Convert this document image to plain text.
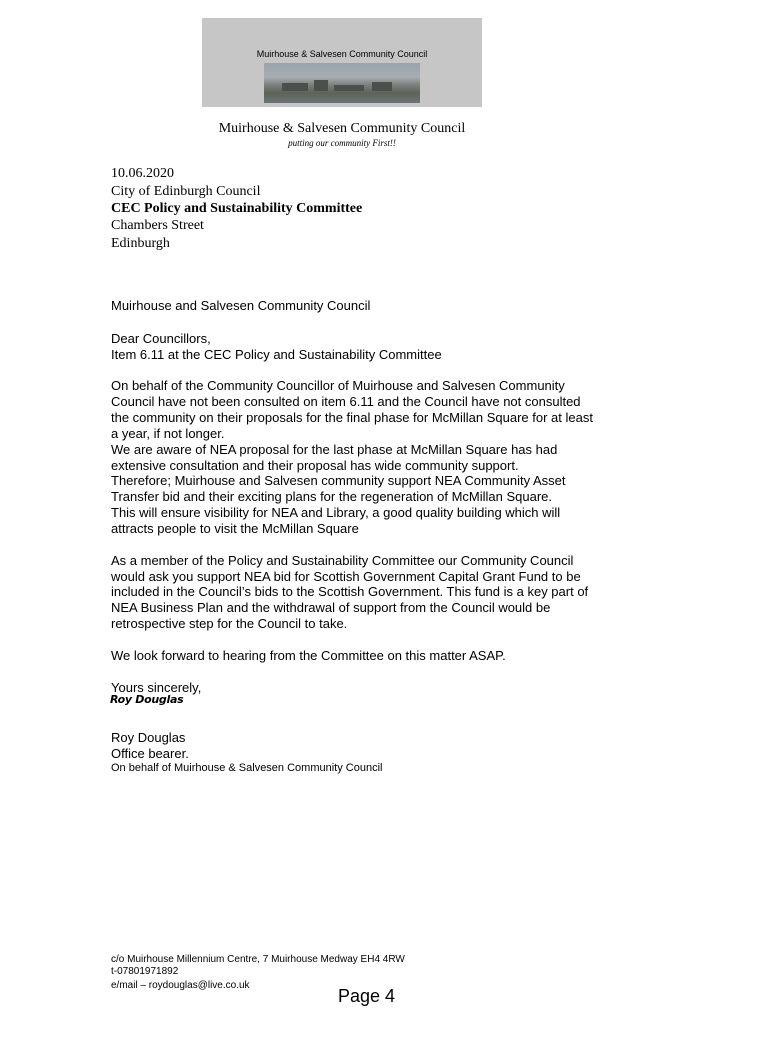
Muirhouse & Salvesen Community Council
Muirhouse & Salvesen Community Council
putting our community First!!
10.06.2020
City of Edinburgh Council
CEC Policy and Sustainability Committee
Chambers Street
Edinburgh
Muirhouse and Salvesen Community Council
Dear Councillors,
Item 6.11 at the CEC Policy and Sustainability Committee
On behalf of the Community Councillor of Muirhouse and Salvesen Community
Council have not been consulted on item 6.11 and the Council have not consulted
the community on their proposals for the final phase for McMillan Square for at least
a year, if not longer.
We are aware of NEA proposal for the last phase at McMillan Square has had
extensive consultation and their proposal has wide community support.
Therefore; Muirhouse and Salvesen community support NEA Community Asset
Transfer bid and their exciting plans for the regeneration of McMillan Square.
This will ensure visibility for NEA and Library, a good quality building which will
attracts people to visit the McMillan Square
As a member of the Policy and Sustainability Committee our Community Council
would ask you support NEA bid for Scottish Government Capital Grant Fund to be
included in the Council’s bids to the Scottish Government. This fund is a key part of
NEA Business Plan and the withdrawal of support from the Council would be
retrospective step for the Council to take.
We look forward to hearing from the Committee on this matter ASAP.
Yours sincerely,
Roy Douglas
Roy Douglas
Office bearer.
On behalf of Muirhouse & Salvesen Community Council
c/o Muirhouse Millennium Centre, 7 Muirhouse Medway EH4 4RW
t-07801971892
e/mail – roydouglas@live.co.uk
Page 4
